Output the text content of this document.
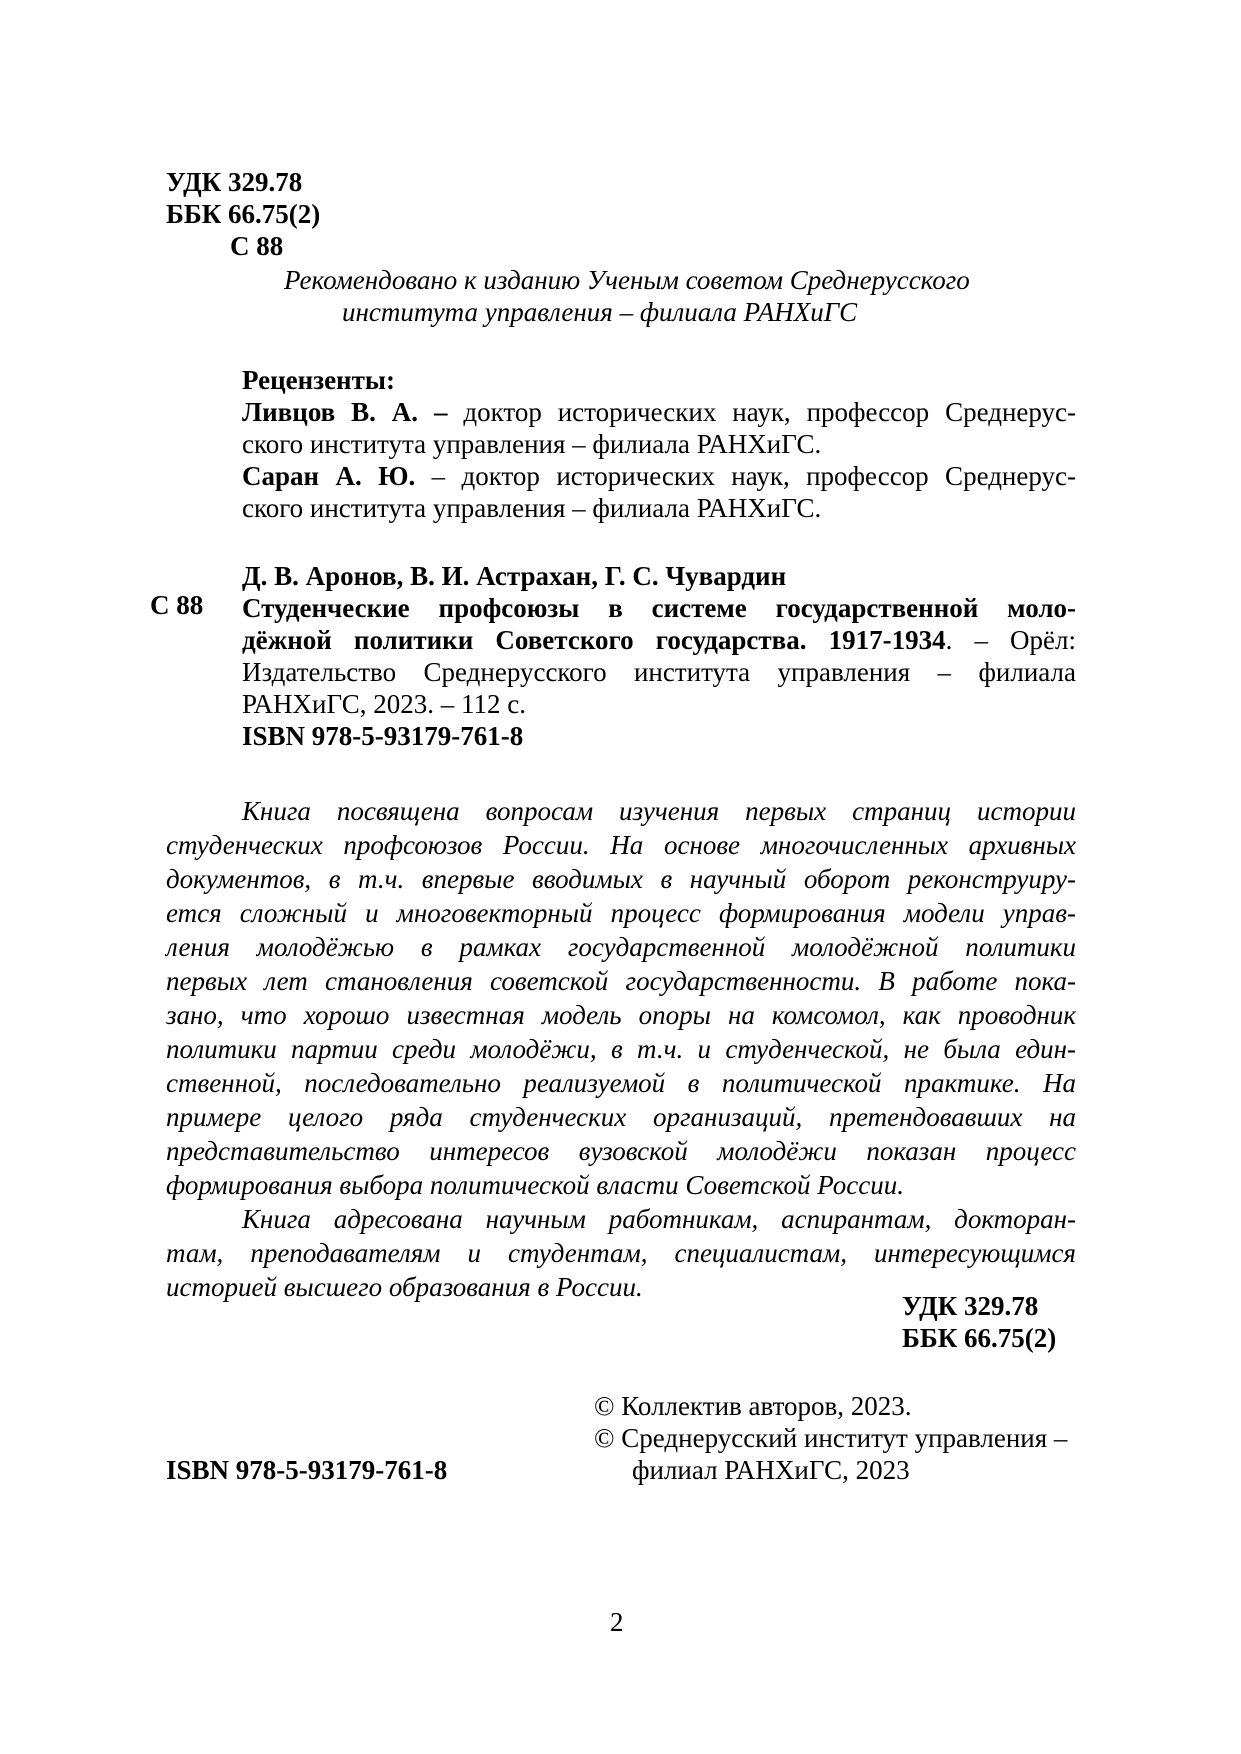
УДК 329.78
ББК 66.75(2)
С 88
Рекомендовано к изданию Ученым советом Среднерусского
института управления – филиала РАНХиГС
Рецензенты:
Ливцов В. А. – доктор исторических наук, профессор Среднерус-
ского института управления – филиала РАНХиГС.
Саран А. Ю. – доктор исторических наук, профессор Среднерус-
ского института управления – филиала РАНХиГС.
С 88
Д. В. Аронов, В. И. Астрахан, Г. С. Чувардин
Студенческие профсоюзы в системе государственной моло-
дёжной политики Советского государства. 1917-1934. – Орёл:
Издательство Среднерусского института управления – филиала
РАНХиГС, 2023. – 112 с.
ISBN 978-5-93179-761-8
Книга посвящена вопросам изучения первых страниц истории
студенческих профсоюзов России. На основе многочисленных архивных
документов, в т.ч. впервые вводимых в научный оборот реконструиру-
ется сложный и многовекторный процесс формирования модели управ-
ления молодёжью в рамках государственной молодёжной политики
первых лет становления советской государственности. В работе пока-
зано, что хорошо известная модель опоры на комсомол, как проводник
политики партии среди молодёжи, в т.ч. и студенческой, не была един-
ственной, последовательно реализуемой в политической практике. На
примере целого ряда студенческих организаций, претендовавших на
представительство интересов вузовской молодёжи показан процесс
формирования выбора политической власти Советской России.
Книга адресована научным работникам, аспирантам, докторан-
там, преподавателям и студентам, специалистам, интересующимся
историей высшего образования в России.
УДК 329.78
ББК 66.75(2)
© Коллектив авторов, 2023.
© Среднерусский институт управления –
филиал РАНХиГС, 2023
ISBN 978-5-93179-761-8
2
